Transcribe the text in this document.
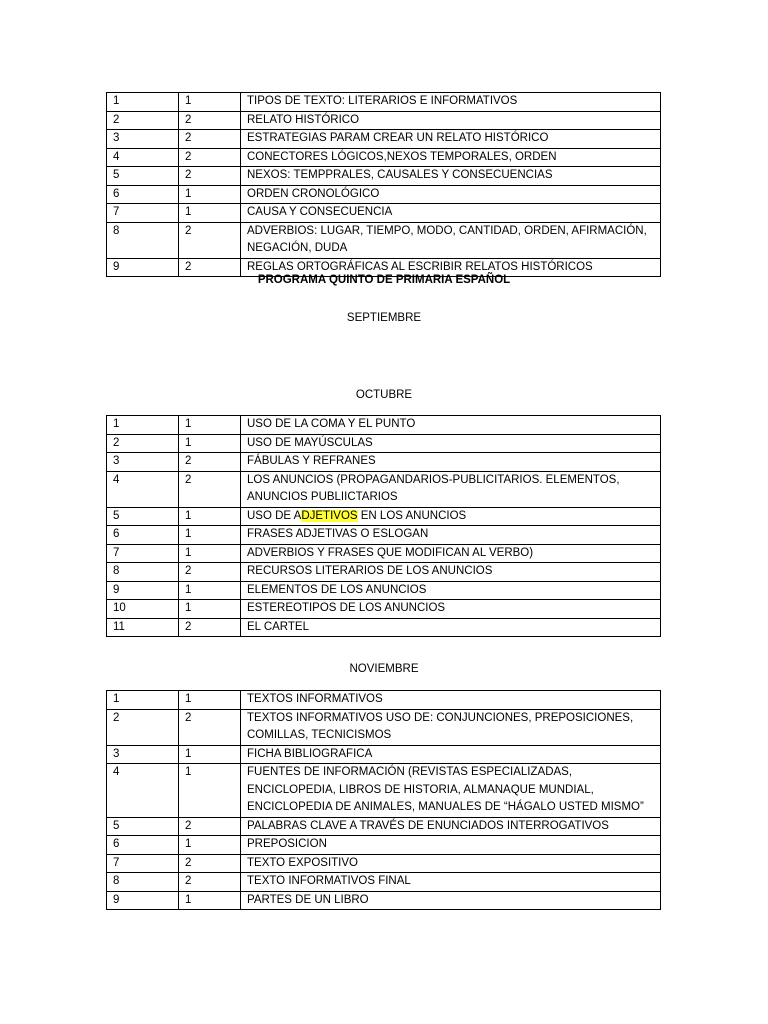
1	1	TIPOS DE TEXTO: LITERARIOS E INFORMATIVOS
2	2	RELATO HISTÓRICO
3	2	ESTRATEGIAS PARAM CREAR UN RELATO HISTÓRICO
4	2	CONECTORES LÓGICOS,NEXOS TEMPORALES, ORDEN
5	2	NEXOS: TEMPPRALES, CAUSALES Y CONSECUENCIAS
6	1	ORDEN CRONOLÓGICO
7	1	CAUSA Y CONSECUENCIA
8	2	ADVERBIOS: LUGAR, TIEMPO, MODO, CANTIDAD, ORDEN, AFIRMACIÓN, NEGACIÓN, DUDA
9	2	REGLAS ORTOGRÁFICAS AL ESCRIBIR RELATOS HISTÓRICOS
PROGRAMA QUINTO DE PRIMARIA ESPAÑOL
SEPTIEMBRE
OCTUBRE
1	1	USO DE LA COMA Y EL PUNTO
2	1	USO DE MAYÚSCULAS
3	2	FÁBULAS Y REFRANES
4	2	LOS ANUNCIOS (PROPAGANDARIOS-PUBLICITARIOS. ELEMENTOS, ANUNCIOS PUBLIICTARIOS
5	1	USO DE ADJETIVOS EN LOS ANUNCIOS
6	1	FRASES ADJETIVAS O ESLOGAN
7	1	ADVERBIOS Y FRASES QUE MODIFICAN AL VERBO)
8	2	RECURSOS LITERARIOS DE LOS ANUNCIOS
9	1	ELEMENTOS DE LOS ANUNCIOS
10	1	ESTEREOTIPOS DE LOS ANUNCIOS
11	2	EL CARTEL
NOVIEMBRE
1	1	TEXTOS INFORMATIVOS
2	2	TEXTOS INFORMATIVOS USO DE: CONJUNCIONES, PREPOSICIONES, COMILLAS, TECNICISMOS
3	1	FICHA BIBLIOGRAFICA
4	1	FUENTES DE INFORMACIÓN (REVISTAS ESPECIALIZADAS, ENCICLOPEDIA, LIBROS DE HISTORIA, ALMANAQUE MUNDIAL, ENCICLOPEDIA DE ANIMALES, MANUALES DE “HÁGALO USTED MISMO”
5	2	PALABRAS CLAVE A TRAVÉS DE ENUNCIADOS INTERROGATIVOS
6	1	PREPOSICION
7	2	TEXTO EXPOSITIVO
8	2	TEXTO INFORMATIVOS FINAL
9	1	PARTES DE UN LIBRO
